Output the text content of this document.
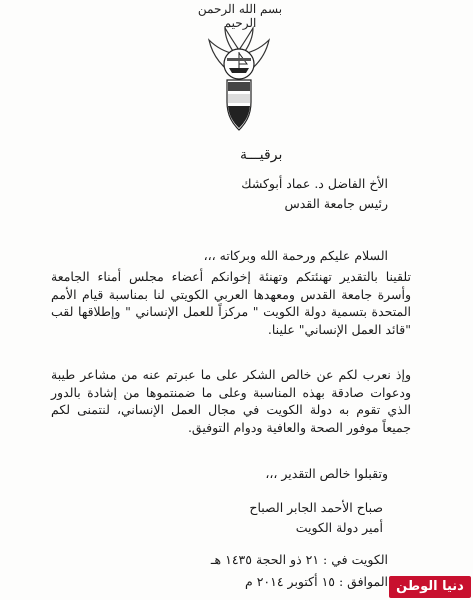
بسم الله الرحمن الرحيم
برقيـــة
الأخ الفاضل د. عماد أبوكشك
رئيس جامعة القدس
السلام عليكم ورحمة الله وبركاته ،،،
تلقينا بالتقدير تهنئتكم وتهنئة إخوانكم أعضاء مجلس أمناء الجامعة وأسرة جامعة القدس ومعهدها العربي الكويتي لنا بمناسبة قيام الأمم المتحدة بتسمية دولة الكويت " مركزاً للعمل الإنساني " وإطلاقها لقب "قائد العمل الإنساني" علينا.
وإذ نعرب لكم عن خالص الشكر على ما عبرتم عنه من مشاعر طيبة ودعوات صادقة بهذه المناسبة وعلى ما ضمنتموها من إشادة بالدور الذي تقوم به دولة الكويت في مجال العمل الإنساني، لنتمنى لكم جميعاً موفور الصحة والعافية ودوام التوفيق.
وتقبلوا خالص التقدير ،،،
صباح الأحمد الجابر الصباح
أمير دولة الكويت
الكويت في : ٢١ ذو الحجة ١٤٣٥ هـ
الموافق : ١٥ أكتوبر ٢٠١٤ م دنيا الوطن
